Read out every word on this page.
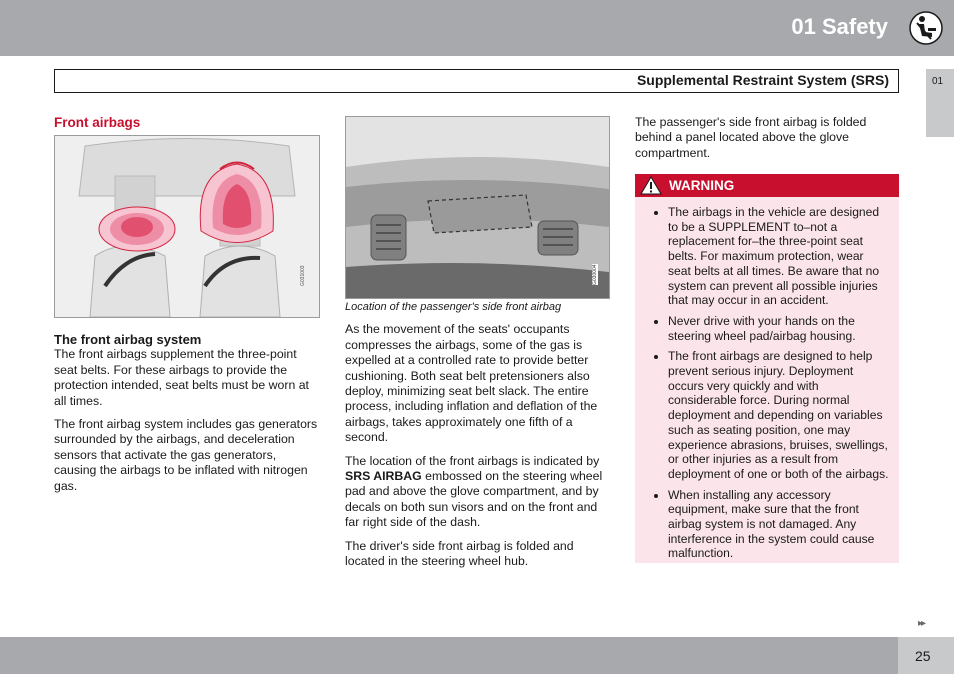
01 Safety
Supplemental Restraint System (SRS)	01
Front airbags
G031003
The front airbag system

The front airbags supplement the three-point seat belts. For these airbags to provide the protection intended, seat belts must be worn at all times.

The front airbag system includes gas generators surrounded by the airbags, and deceleration sensors that activate the gas generators, causing the airbags to be inflated with nitrogen gas.

G030004

Location of the passenger's side front airbag

As the movement of the seats' occupants compresses the airbags, some of the gas is expelled at a controlled rate to provide better cushioning. Both seat belt pretensioners also deploy, minimizing seat belt slack. The entire process, including inflation and deflation of the airbags, takes approximately one fifth of a second.

The location of the front airbags is indicated by SRS AIRBAG embossed on the steering wheel pad and above the glove compartment, and by decals on both sun visors and on the front and far right side of the dash.

The driver's side front airbag is folded and located in the steering wheel hub.

The passenger's side front airbag is folded behind a panel located above the glove compartment.

WARNING
• The airbags in the vehicle are designed to be a SUPPLEMENT to–not a replacement for–the three-point seat belts. For maximum protection, wear seat belts at all times. Be aware that no system can prevent all possible injuries that may occur in an accident.
• Never drive with your hands on the steering wheel pad/airbag housing.
• The front airbags are designed to help prevent serious injury. Deployment occurs very quickly and with considerable force. During normal deployment and depending on variables such as seating position, one may experience abrasions, bruises, swellings, or other injuries as a result from deployment of one or both of the airbags.
• When installing any accessory equipment, make sure that the front airbag system is not damaged. Any interference in the system could cause malfunction.
▸▸
25
